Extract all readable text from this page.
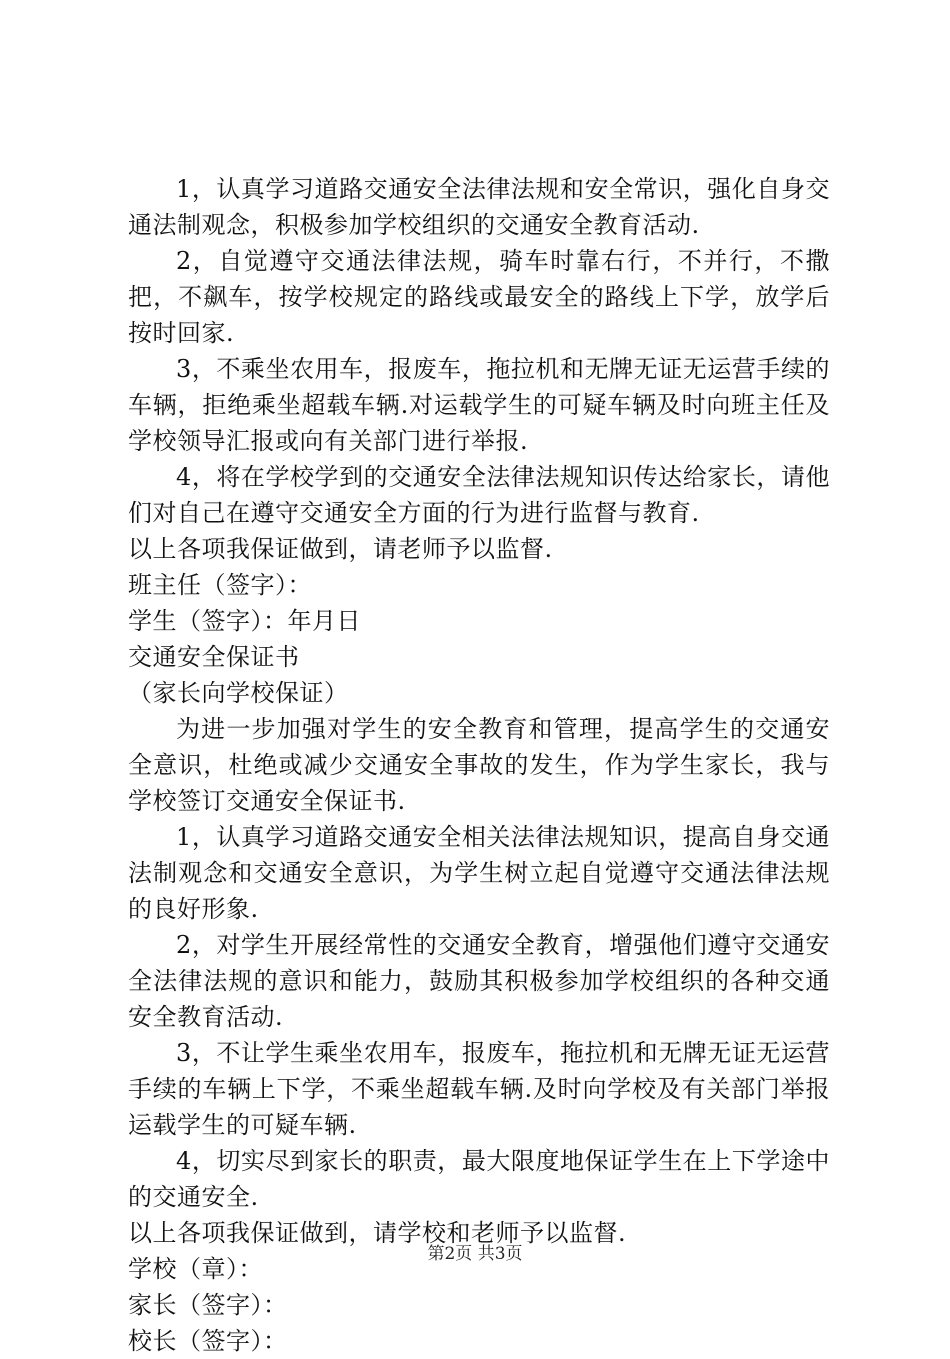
1，认真学习道路交通安全法律法规和安全常识，强化自身交通法制观念，积极参加学校组织的交通安全教育活动.

2，自觉遵守交通法律法规，骑车时靠右行，不并行，不撒把，不飙车，按学校规定的路线或最安全的路线上下学，放学后按时回家.

3，不乘坐农用车，报废车，拖拉机和无牌无证无运营手续的车辆，拒绝乘坐超载车辆.对运载学生的可疑车辆及时向班主任及学校领导汇报或向有关部门进行举报.

4，将在学校学到的交通安全法律法规知识传达给家长，请他们对自己在遵守交通安全方面的行为进行监督与教育.

以上各项我保证做到，请老师予以监督.

班主任（签字）：

学生（签字）：年月日

交通安全保证书

（家长向学校保证）

为进一步加强对学生的安全教育和管理，提高学生的交通安全意识，杜绝或减少交通安全事故的发生，作为学生家长，我与学校签订交通安全保证书.

1，认真学习道路交通安全相关法律法规知识，提高自身交通法制观念和交通安全意识，为学生树立起自觉遵守交通法律法规的良好形象.

2，对学生开展经常性的交通安全教育，增强他们遵守交通安全法律法规的意识和能力，鼓励其积极参加学校组织的各种交通安全教育活动.

3，不让学生乘坐农用车，报废车，拖拉机和无牌无证无运营手续的车辆上下学，不乘坐超载车辆.及时向学校及有关部门举报运载学生的可疑车辆.

4，切实尽到家长的职责，最大限度地保证学生在上下学途中的交通安全.

以上各项我保证做到，请学校和老师予以监督.

学校（章）：

家长（签字）：

校长（签字）：

第2页 共3页
